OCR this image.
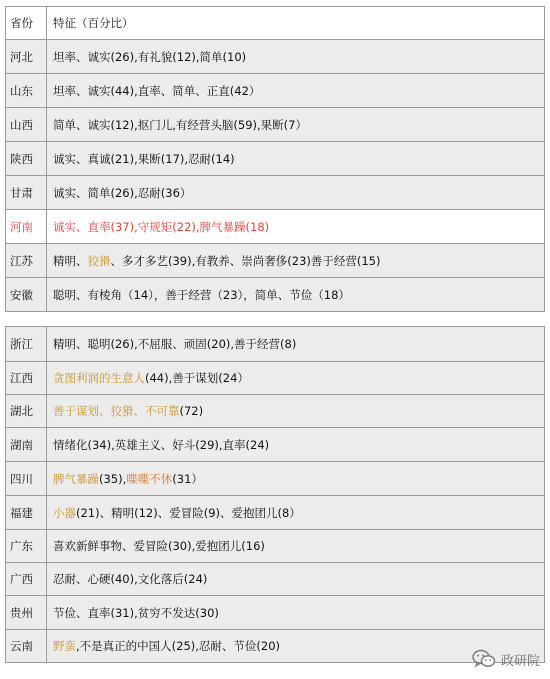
省份	特征（百分比）
河北	坦率、诚实(26),有礼貌(12),简单(10)
山东	坦率、诚实(44),直率、简单、正直(42）
山西	简单、诚实(12),抠门儿,有经营头脑(59),果断(7）
陕西	诚实、真诚(21),果断(17),忍耐(14)
甘肃	诚实、简单(26),忍耐(36）
河南	诚实、直率(37),守规矩(22),脾气暴躁(18)
江苏	精明、 狡猾 、多才多艺(39),有教养、崇尚奢侈(23)善于经营(15)
安徽	聪明、有棱角（14），善于经营（23），简单、节俭（18）
浙江	精明、聪明(26),不屈服、顽固(20),善于经营(8)
江西	贪图利润的生意人 (44),善于谋划(24）
湖北	善于谋划、狡猾、不可靠 (72)
湖南	情绪化(34),英雄主义、好斗(29),直率(24)
四川	脾气暴躁 (35), 喋喋不休 (31）
福建	小器 (21)、精明(12)、爱冒险(9)、爱抱团儿(8）
广东	喜欢新鲜事物、爱冒险(30),爱抱团儿(16)
广西	忍耐、心硬(40),文化落后(24)
贵州	节俭、直率(31),贫穷不发达(30)
云南	野蛮 ,不是真正的中国人(25),忍耐、节俭(20)
政研院
